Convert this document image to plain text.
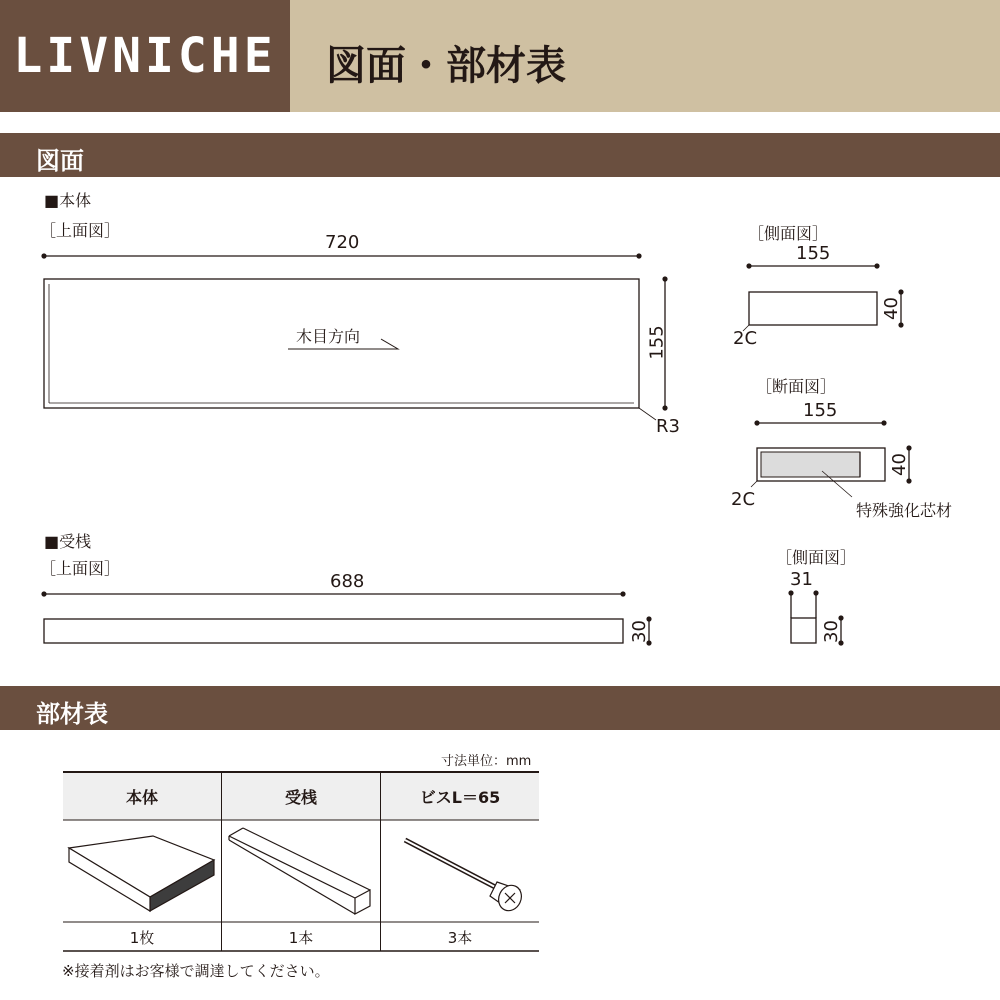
LIVNICHE	図面・部材表
図面
■本体
［上面図］	［側面図］
［断面図］
■受桟
［上面図］
［側面図］
720
155
R3
木目方向
155
40
2C
155
40
2C
特殊強化芯材
688
30
31
30
部材表
寸法単位：mm
本体	受桟	ビスL＝65
1枚	1本	3本
※接着剤はお客様で調達してください。
